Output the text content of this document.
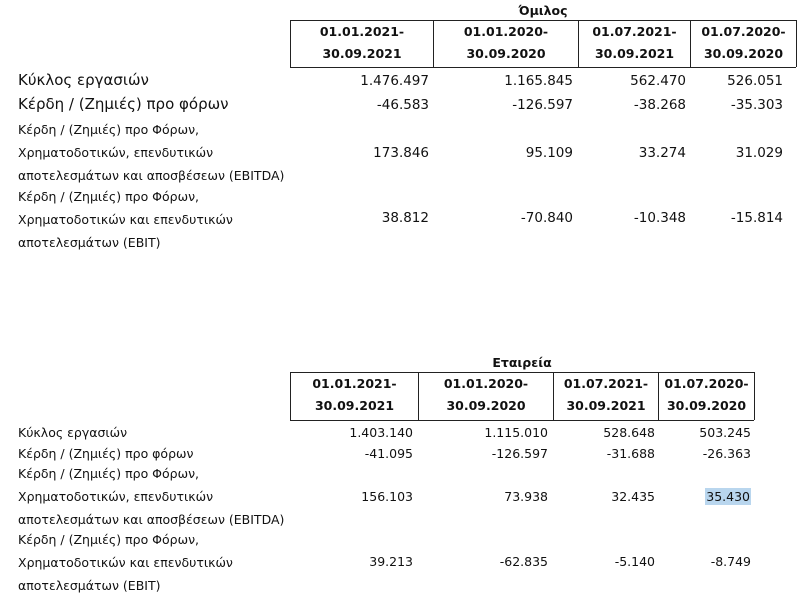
Όμιλος
01.01.2021-
30.09.2021
01.01.2020-
30.09.2020
01.07.2021-
30.09.2021
01.07.2020-
30.09.2020
Κύκλος εργασιών	1.476.497	1.165.845	562.470	526.051
Κέρδη / (Ζημιές) προ φόρων	-46.583	-126.597	-38.268	-35.303
Κέρδη / (Ζημιές) προ Φόρων, Χρηματοδοτικών, επενδυτικών αποτελεσμάτων και αποσβέσεων (EBITDA)
173.846	95.109	33.274	31.029
Κέρδη / (Ζημιές) προ Φόρων, Χρηματοδοτικών και επενδυτικών αποτελεσμάτων (EBIT)
38.812	-70.840	-10.348	-15.814
Εταιρεία
01.01.2021-
30.09.2021
01.01.2020-
30.09.2020
01.07.2021-
30.09.2021
01.07.2020-
30.09.2020
Κύκλος εργασιών	1.403.140	1.115.010	528.648	503.245
Κέρδη / (Ζημιές) προ φόρων	-41.095	-126.597	-31.688	-26.363
Κέρδη / (Ζημιές) προ Φόρων, Χρηματοδοτικών, επενδυτικών αποτελεσμάτων και αποσβέσεων (EBITDA)
156.103	73.938	32.435	35.430
Κέρδη / (Ζημιές) προ Φόρων, Χρηματοδοτικών και επενδυτικών αποτελεσμάτων (EBIT)
39.213	-62.835	-5.140	-8.749
